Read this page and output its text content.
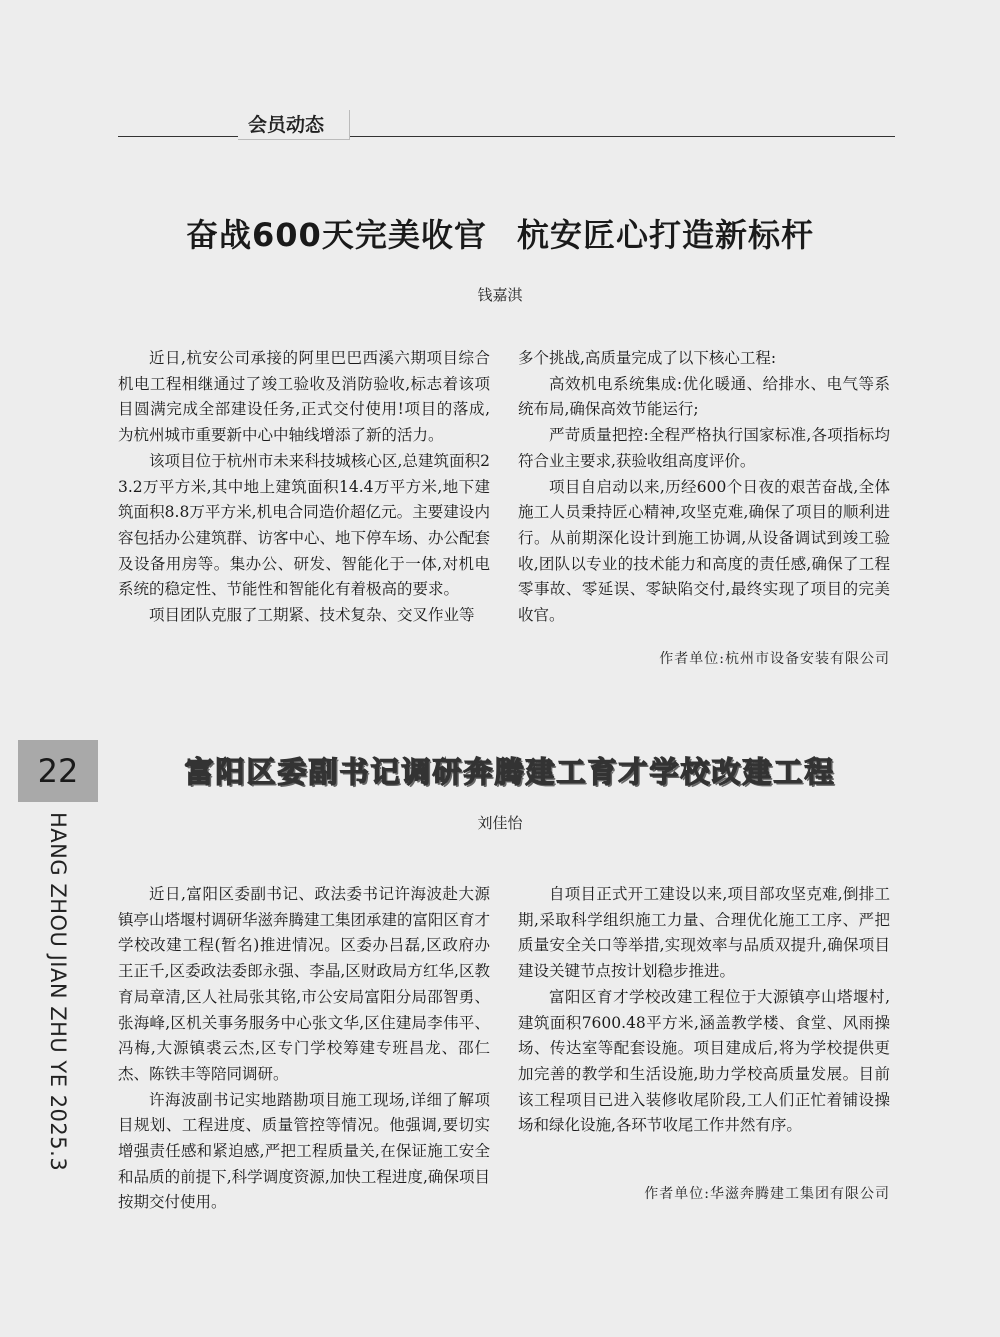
会员动态
奋战600天完美收官 杭安匠心打造新标杆
钱嘉淇

近日,杭安公司承接的阿里巴巴西溪六期项目综合机电工程相继通过了竣工验收及消防验收,标志着该项目圆满完成全部建设任务,正式交付使用!项目的落成,为杭州城市重要新中心中轴线增添了新的活力。

该项目位于杭州市未来科技城核心区,总建筑面积23.2万平方米,其中地上建筑面积14.4万平方米,地下建筑面积8.8万平方米,机电合同造价超亿元。主要建设内容包括办公建筑群、访客中心、地下停车场、办公配套及设备用房等。集办公、研发、智能化于一体,对机电系统的稳定性、节能性和智能化有着极高的要求。

项目团队克服了工期紧、技术复杂、交叉作业等

多个挑战,高质量完成了以下核心工程:

高效机电系统集成:优化暖通、给排水、电气等系统布局,确保高效节能运行;

严苛质量把控:全程严格执行国家标准,各项指标均符合业主要求,获验收组高度评价。

项目自启动以来,历经600个日夜的艰苦奋战,全体施工人员秉持匠心精神,攻坚克难,确保了项目的顺利进行。从前期深化设计到施工协调,从设备调试到竣工验收,团队以专业的技术能力和高度的责任感,确保了工程零事故、零延误、零缺陷交付,最终实现了项目的完美收官。

作者单位:杭州市设备安装有限公司
22
HANG ZHOU JIAN ZHU YE 2025.3
富阳区委副书记调研奔腾建工育才学校改建工程
刘佳怡

近日,富阳区委副书记、政法委书记许海波赴大源镇亭山塔堰村调研华滋奔腾建工集团承建的富阳区育才学校改建工程(暂名)推进情况。区委办吕磊,区政府办王正千,区委政法委郎永强、李晶,区财政局方红华,区教育局章清,区人社局张其铭,市公安局富阳分局邵智勇、张海峰,区机关事务服务中心张文华,区住建局李伟平、冯梅,大源镇裘云杰,区专门学校筹建专班昌龙、邵仁杰、陈铁丰等陪同调研。

许海波副书记实地踏勘项目施工现场,详细了解项目规划、工程进度、质量管控等情况。他强调,要切实增强责任感和紧迫感,严把工程质量关,在保证施工安全和品质的前提下,科学调度资源,加快工程进度,确保项目按期交付使用。

自项目正式开工建设以来,项目部攻坚克难,倒排工期,采取科学组织施工力量、合理优化施工工序、严把质量安全关口等举措,实现效率与品质双提升,确保项目建设关键节点按计划稳步推进。

富阳区育才学校改建工程位于大源镇亭山塔堰村,建筑面积7600.48平方米,涵盖教学楼、食堂、风雨操场、传达室等配套设施。项目建成后,将为学校提供更加完善的教学和生活设施,助力学校高质量发展。目前该工程项目已进入装修收尾阶段,工人们正忙着铺设操场和绿化设施,各环节收尾工作井然有序。

作者单位:华滋奔腾建工集团有限公司
